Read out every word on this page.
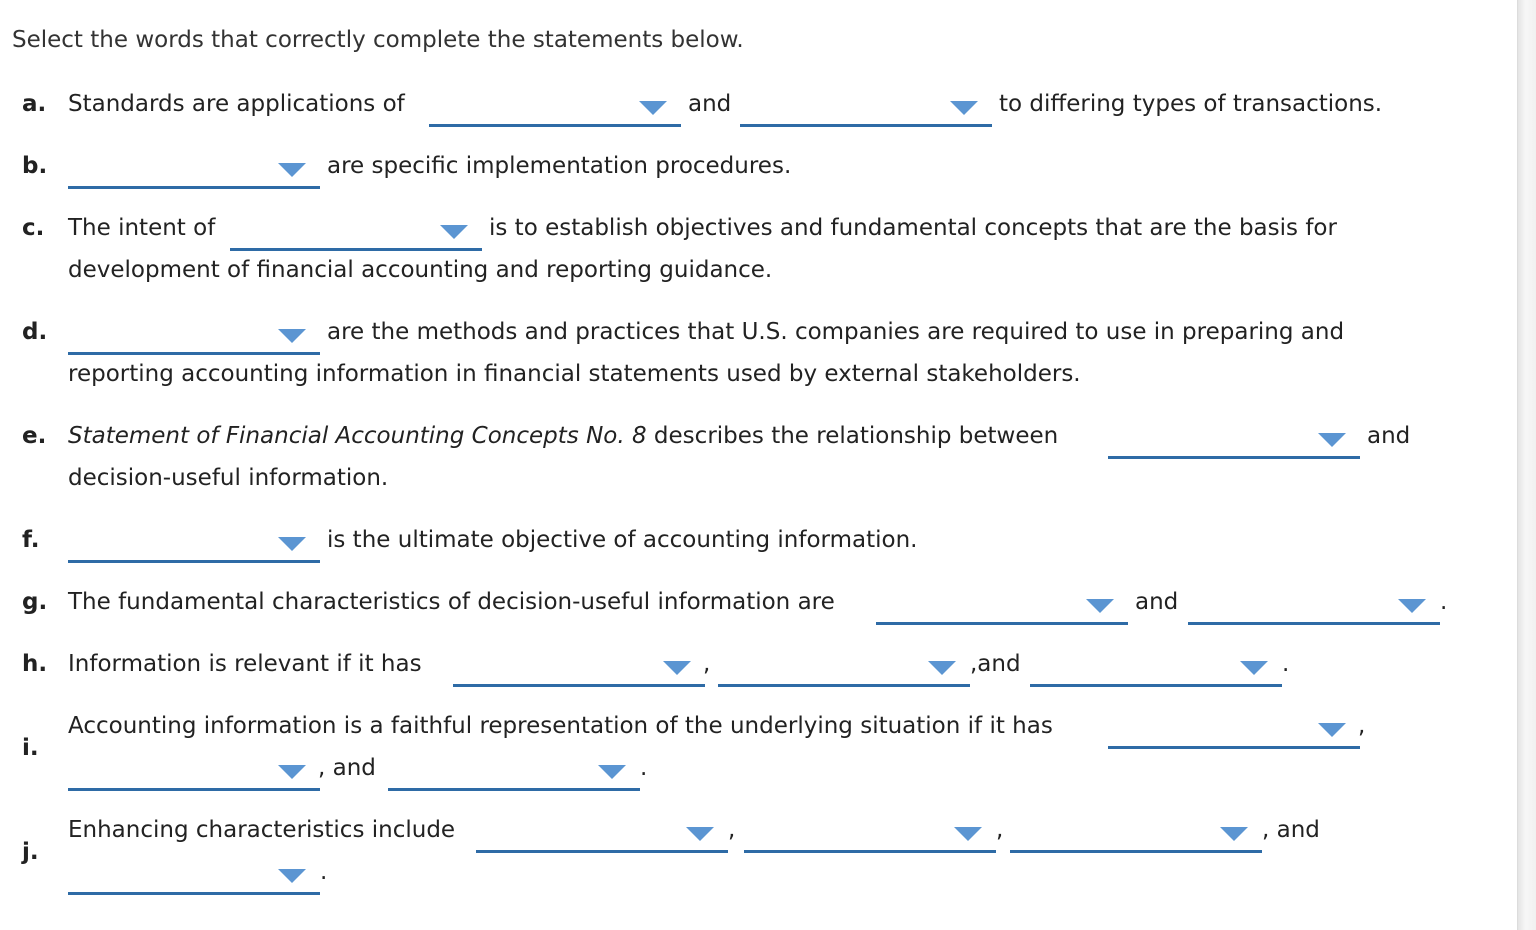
Select the words that correctly complete the statements below.
a. Standards are applications of	and	to differing types of transactions.
b.	are specific implementation procedures.
c. The intent of	is to establish objectives and fundamental concepts that are the basis for
development of financial accounting and reporting guidance.
d.	are the methods and practices that U.S. companies are required to use in preparing and
reporting accounting information in financial statements used by external stakeholders.
e. Statement of Financial Accounting Concepts No. 8 describes the relationship between	and
decision-useful information.
f.	is the ultimate objective of accounting information.
g. The fundamental characteristics of decision-useful information are	and	.
h. Information is relevant if it has	,	,and	.
i.
Accounting information is a faithful representation of the underlying situation if it has	,
, and	.
j.
Enhancing characteristics include	,	,	, and
.
